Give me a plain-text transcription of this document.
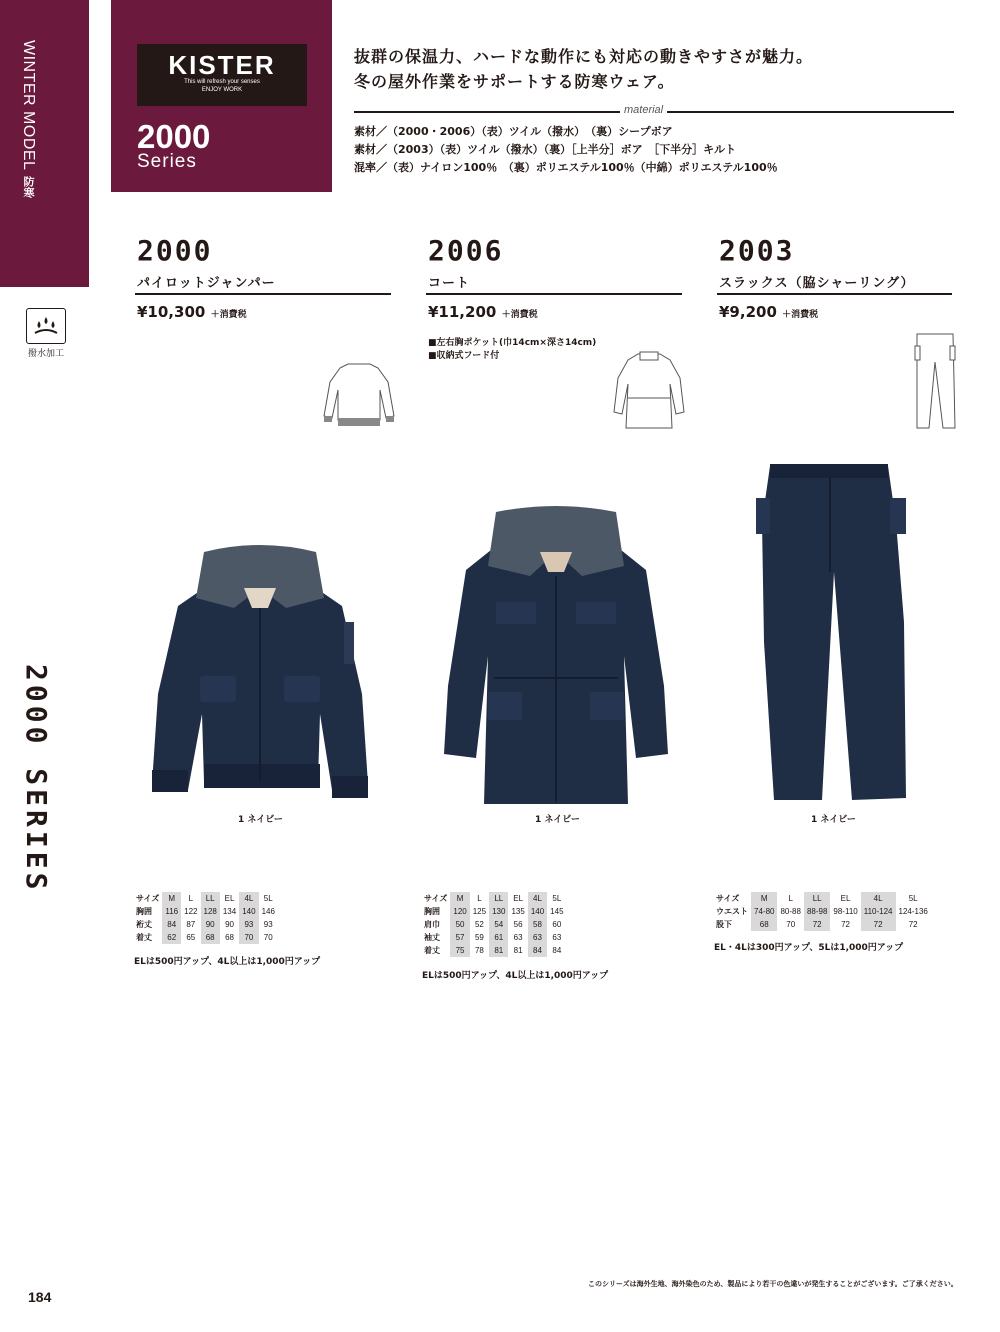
WINTER MODEL 防寒
KISTER
This will refresh your senses
ENJOY WORK
2000
Series
抜群の保温力、ハードな動作にも対応の動きやすさが魅力。
冬の屋外作業をサポートする防寒ウェア。
material
素材／（2000・2006）（表）ツイル（撥水）　（裏）シープボア
素材／（2003）（表）ツイル（撥水）（裏）［上半分］ボア　［下半分］キルト
混率／（表）ナイロン100％　（裏）ポリエステル100％（中綿）ポリエステル100％
撥水加工
2000 SERIES
2000
パイロットジャンパー
¥10,300 ＋消費税
2006
コート
¥11,200 ＋消費税
■左右胸ポケット(巾14cm×深さ14cm)
■収納式フード付
2003
スラックス（脇シャーリング）
¥9,200 ＋消費税
1 ネイビー	1 ネイビー	1 ネイビー
サイズ	M	L	LL	EL	4L	5L
胸囲	116	122	128	134	140	146
裄丈	84	87	90	90	93	93
着丈	62	65	68	68	70	70
ELは500円アップ、4L以上は1,000円アップ
サイズ	M	L	LL	EL	4L	5L
胸囲	120	125	130	135	140	145
肩巾	50	52	54	56	58	60
袖丈	57	59	61	63	63	63
着丈	75	78	81	81	84	84
ELは500円アップ、4L以上は1,000円アップ
サイズ	M	L	LL	EL	4L	5L
ウエスト	74-80	80-88	88-98	98-110	110-124	124-136
股下	68	70	72	72	72	72
EL・4Lは300円アップ、5Lは1,000円アップ
このシリーズは海外生地、海外染色のため、製品により若干の色違いが発生することがございます。ご了承ください。
184
